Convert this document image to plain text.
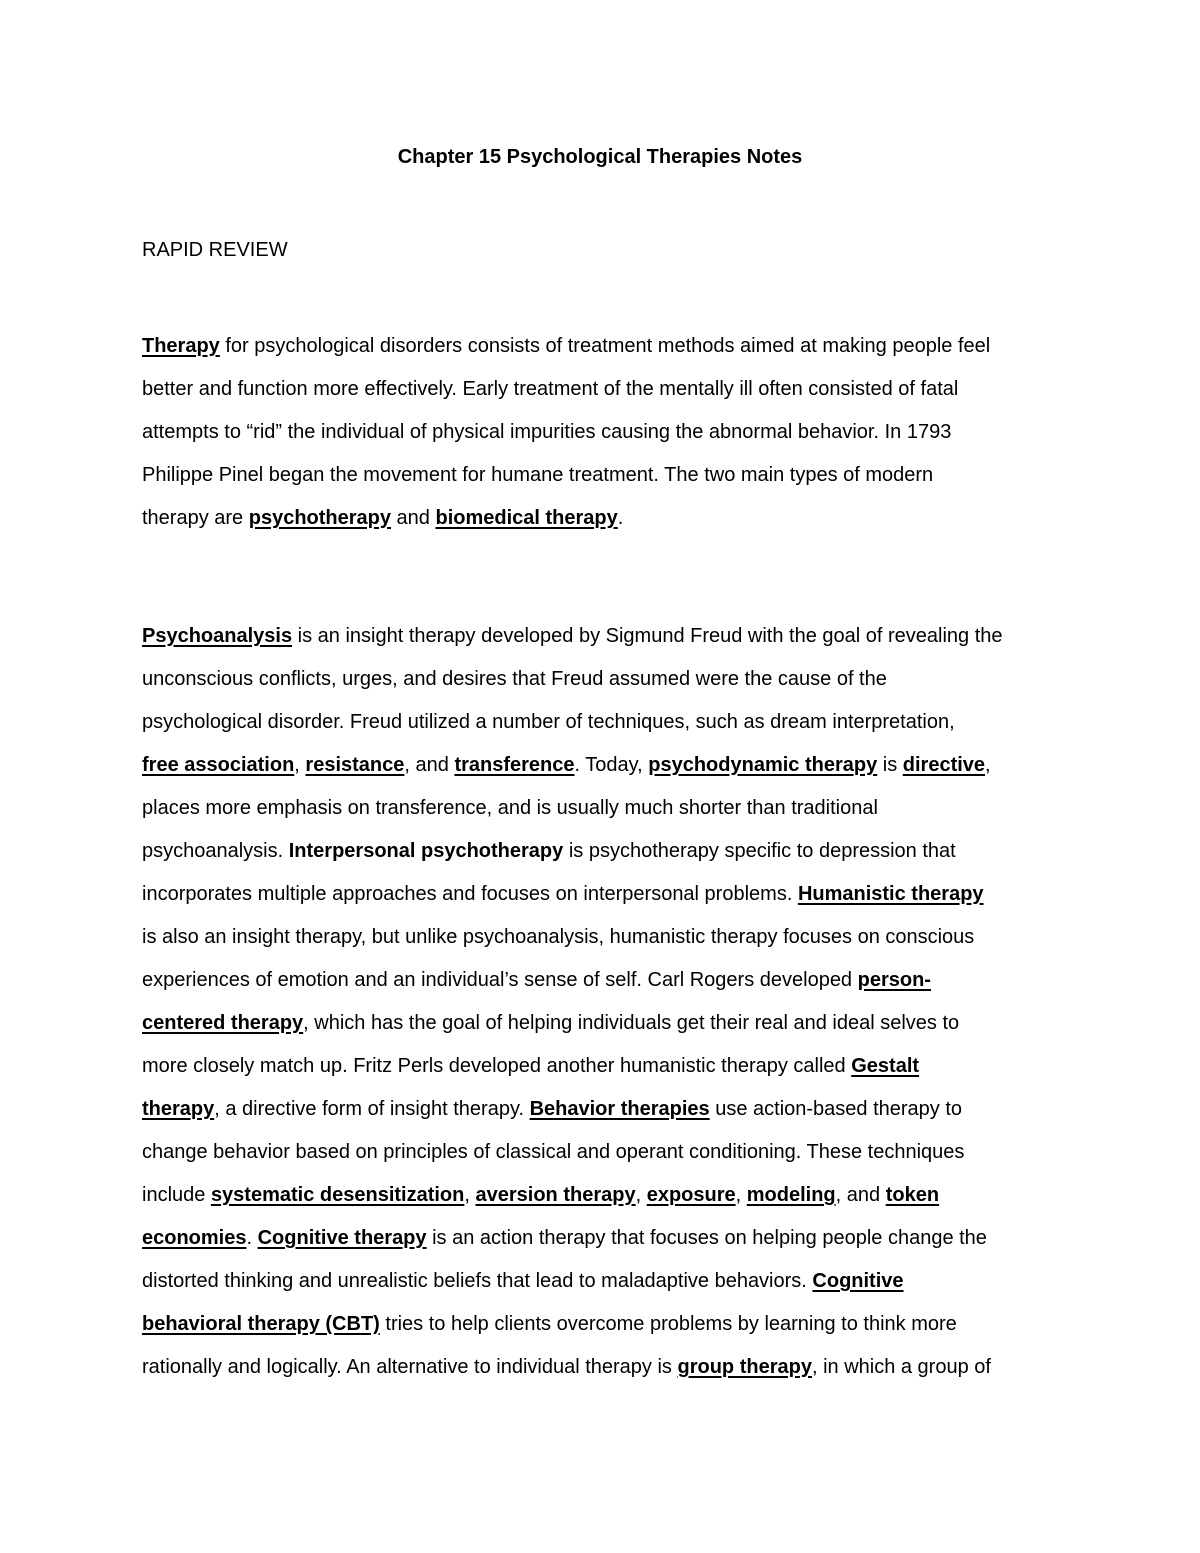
Chapter 15 Psychological Therapies Notes
RAPID REVIEW
Therapy for psychological disorders consists of treatment methods aimed at making people feel
better and function more effectively. Early treatment of the mentally ill often consisted of fatal
attempts to “rid” the individual of physical impurities causing the abnormal behavior. In 1793
Philippe Pinel began the movement for humane treatment. The two main types of modern
therapy are psychotherapy and biomedical therapy.
Psychoanalysis is an insight therapy developed by Sigmund Freud with the goal of revealing the
unconscious conflicts, urges, and desires that Freud assumed were the cause of the
psychological disorder. Freud utilized a number of techniques, such as dream interpretation,
free association, resistance, and transference. Today, psychodynamic therapy is directive,
places more emphasis on transference, and is usually much shorter than traditional
psychoanalysis. Interpersonal psychotherapy is psychotherapy specific to depression that
incorporates multiple approaches and focuses on interpersonal problems. Humanistic therapy
is also an insight therapy, but unlike psychoanalysis, humanistic therapy focuses on conscious
experiences of emotion and an individual’s sense of self. Carl Rogers developed person-
centered therapy, which has the goal of helping individuals get their real and ideal selves to
more closely match up. Fritz Perls developed another humanistic therapy called Gestalt
therapy, a directive form of insight therapy. Behavior therapies use action-based therapy to
change behavior based on principles of classical and operant conditioning. These techniques
include systematic desensitization, aversion therapy, exposure, modeling, and token
economies. Cognitive therapy is an action therapy that focuses on helping people change the
distorted thinking and unrealistic beliefs that lead to maladaptive behaviors. Cognitive
behavioral therapy (CBT) tries to help clients overcome problems by learning to think more
rationally and logically. An alternative to individual therapy is group therapy, in which a group of
